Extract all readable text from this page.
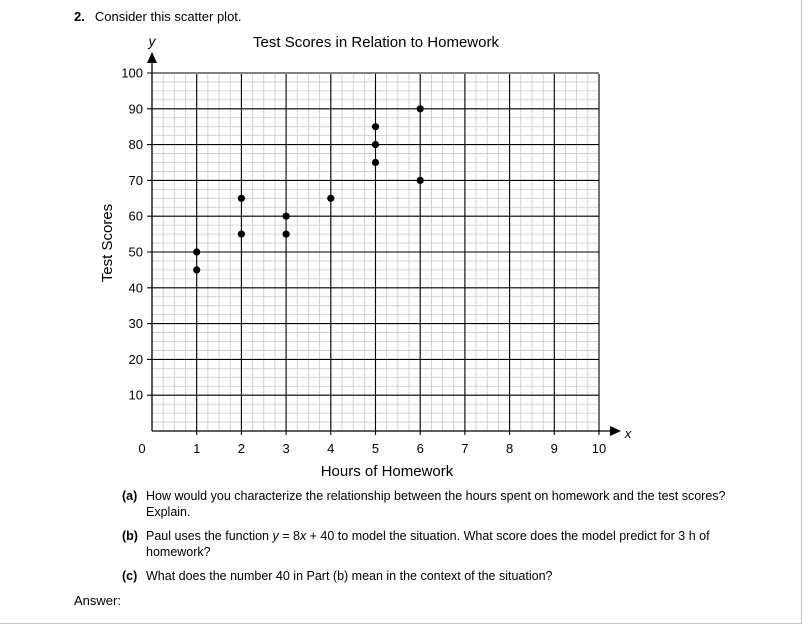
2. Consider this scatter plot.
0	1	2	3	4	5	6	7	8	9	10
10
20
30
40
50
60
70
80
90
100
Test Scores in Relation to Homework
Hours of Homework
Test Scores
y
x
(a) How would you characterize the relationship between the hours spent on homework and the test scores? Explain.
(b) Paul uses the function y = 8x + 40 to model the situation. What score does the model predict for 3 h of homework?
(c) What does the number 40 in Part (b) mean in the context of the situation?
Answer:
